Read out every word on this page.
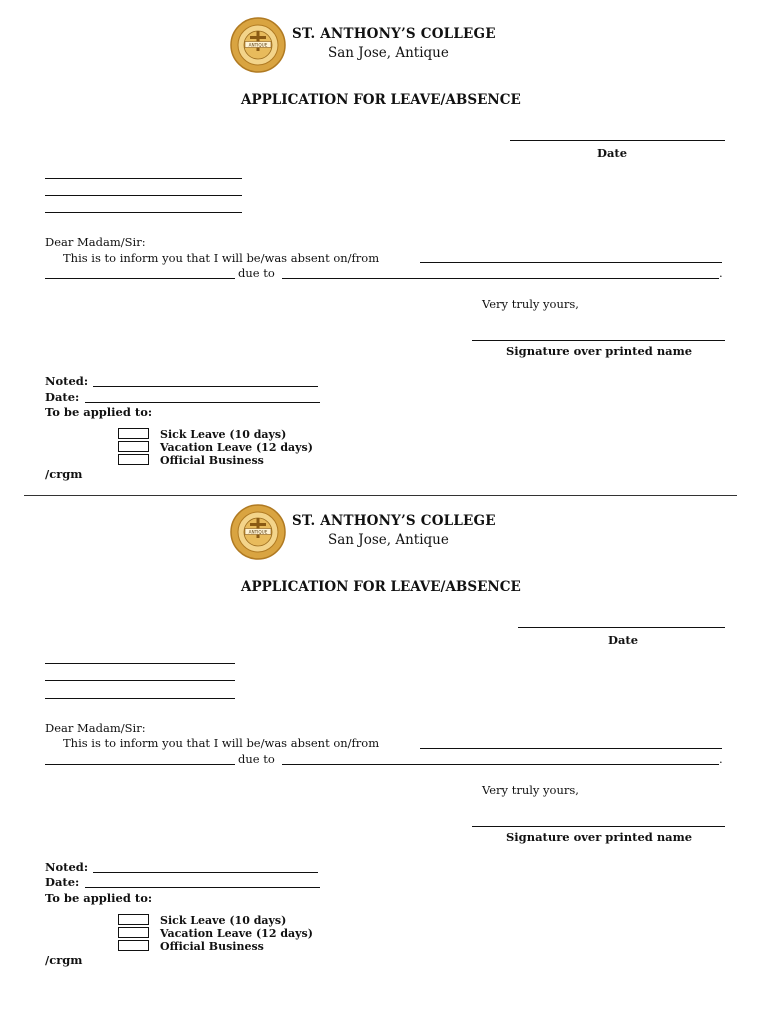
ANTIQUE
ST. ANTHONY’S COLLEGE
San Jose, Antique
APPLICATION FOR LEAVE/ABSENCE
Date
Dear Madam/Sir:
This is to inform you that I will be/was absent on/from
due to	.
Very truly yours,
Signature over printed name
Noted:
Date:
To be applied to:
Sick Leave (10 days)
Vacation Leave (12 days)
Official Business
/crgm
ANTIQUE
ST. ANTHONY’S COLLEGE
San Jose, Antique
APPLICATION FOR LEAVE/ABSENCE
Date
Dear Madam/Sir:
This is to inform you that I will be/was absent on/from
due to	.
Very truly yours,
Signature over printed name
Noted:
Date:
To be applied to:
Sick Leave (10 days)
Vacation Leave (12 days)
Official Business
/crgm
